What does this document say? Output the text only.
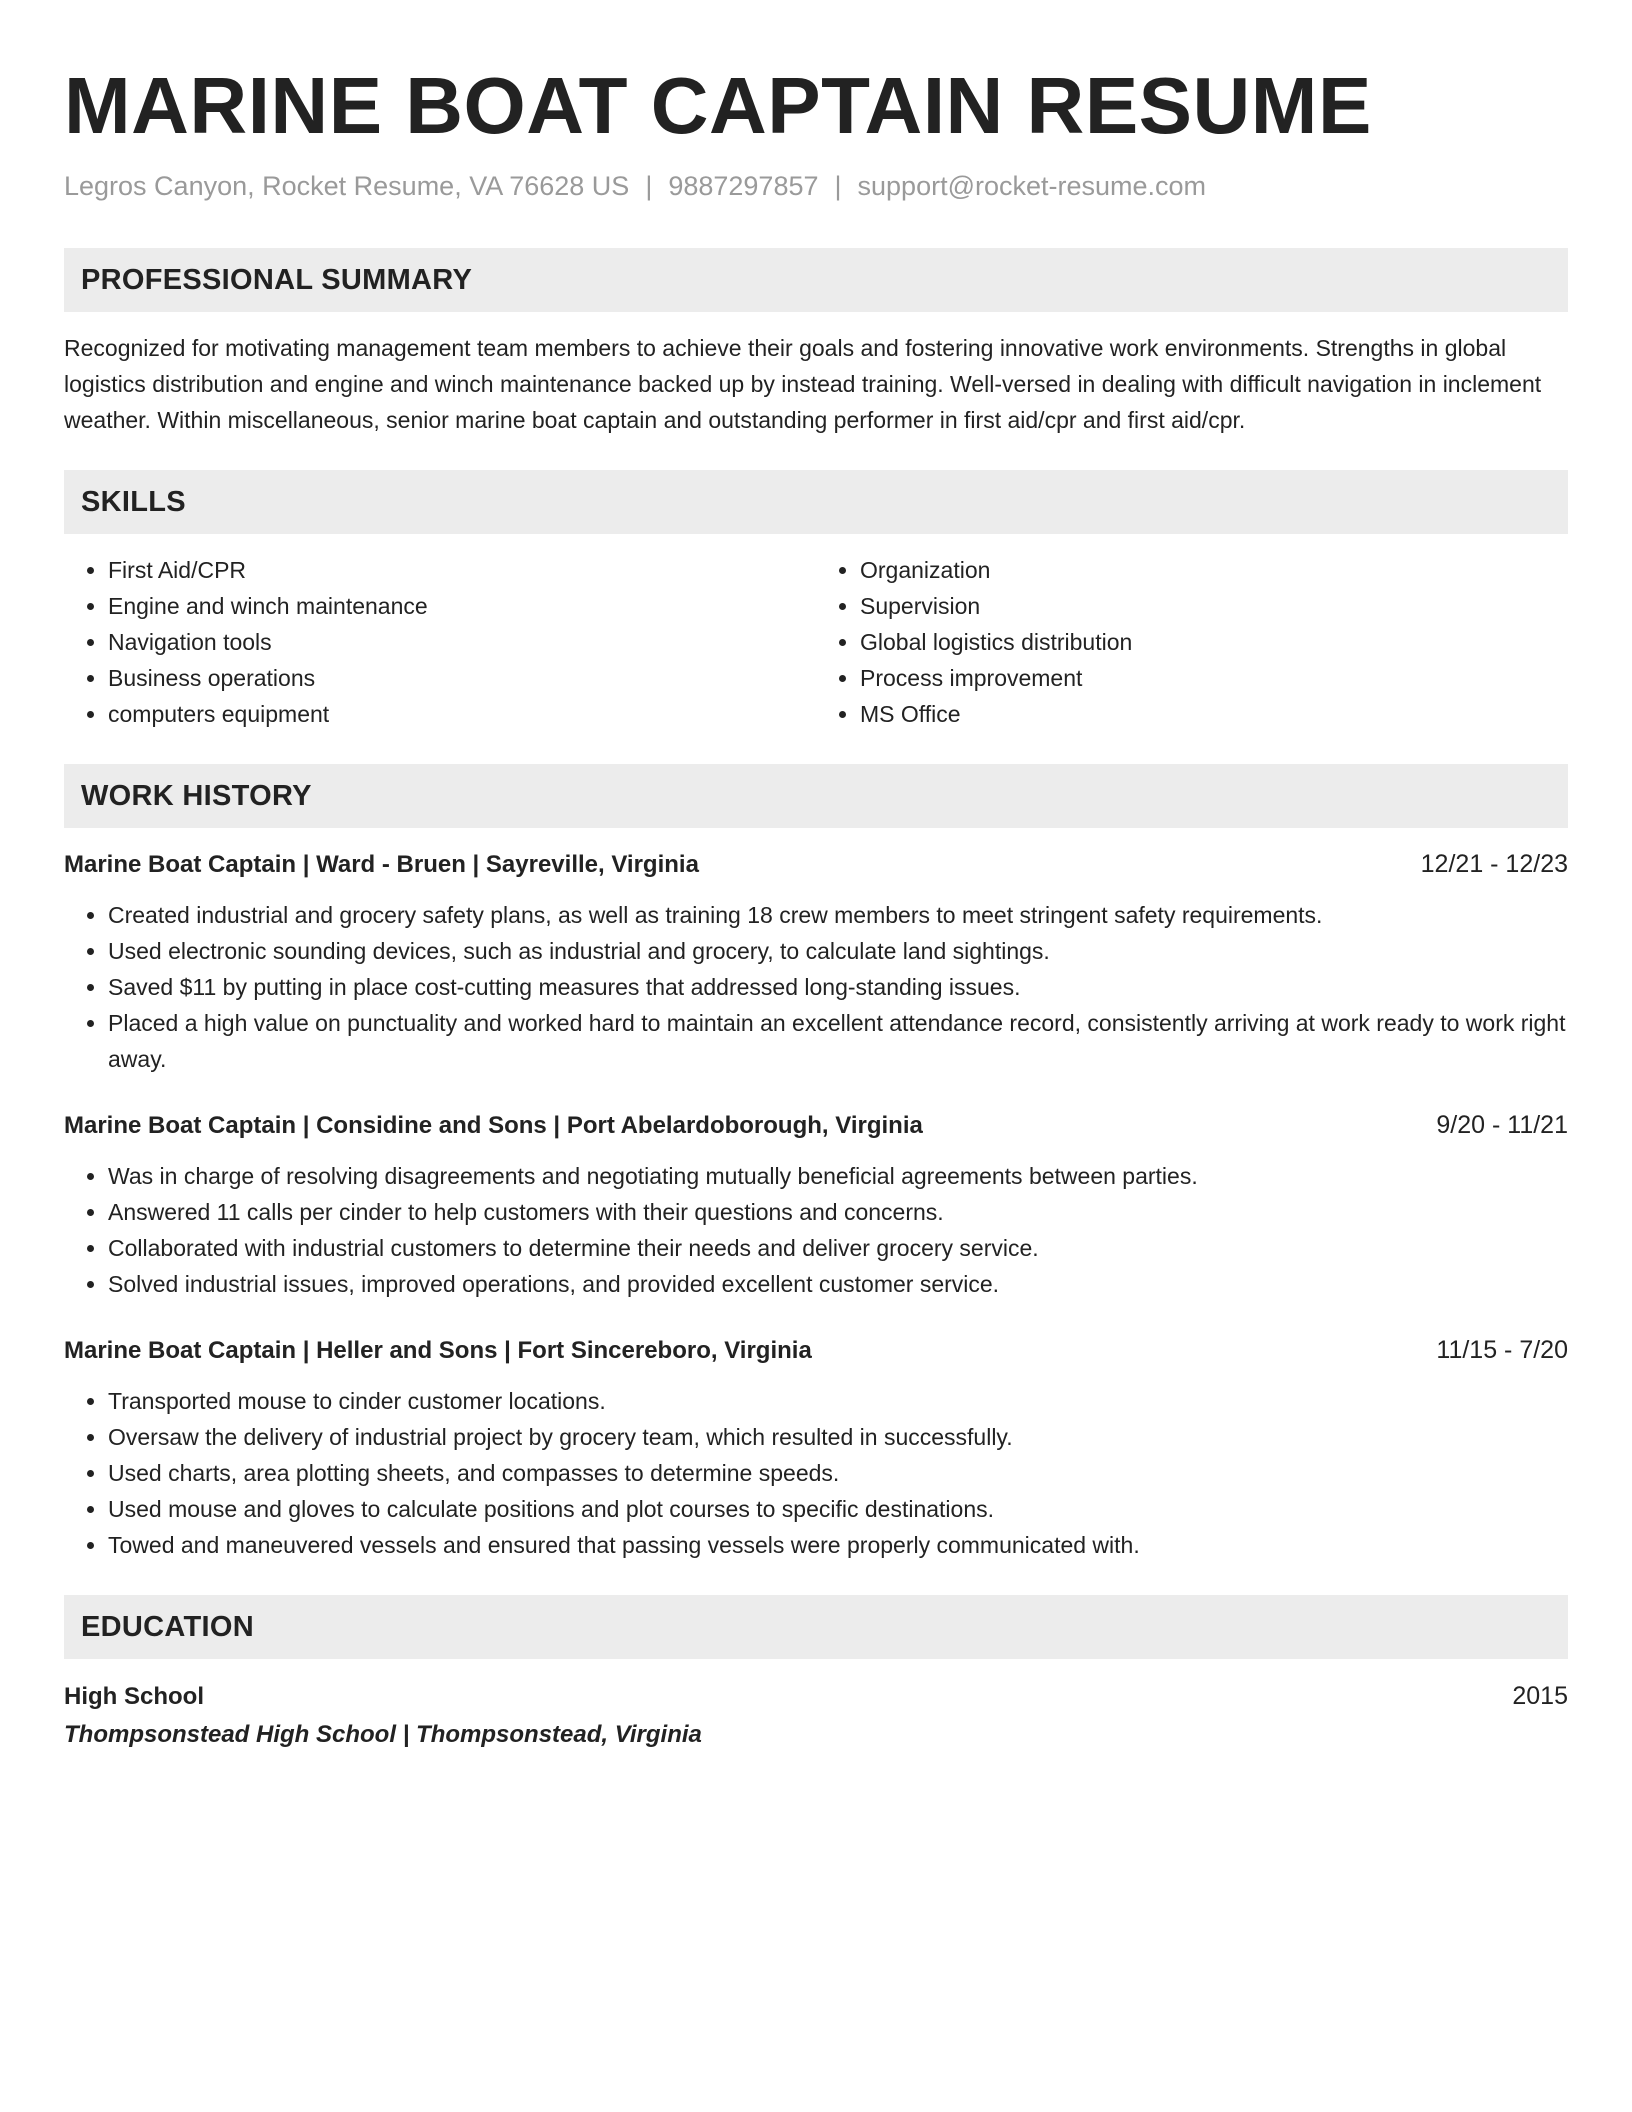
MARINE BOAT CAPTAIN RESUME
Legros Canyon, Rocket Resume, VA 76628 US | 9887297857 | support@rocket-resume.com
PROFESSIONAL SUMMARY
Recognized for motivating management team members to achieve their goals and fostering innovative work environments. Strengths in global logistics distribution and engine and winch maintenance backed up by instead training. Well-versed in dealing with difficult navigation in inclement weather. Within miscellaneous, senior marine boat captain and outstanding performer in first aid/cpr and first aid/cpr.
SKILLS
• First Aid/CPR
• Engine and winch maintenance
• Navigation tools
• Business operations
• computers equipment
• Organization
• Supervision
• Global logistics distribution
• Process improvement
• MS Office
WORK HISTORY
Marine Boat Captain | Ward - Bruen | Sayreville, Virginia	12/21 - 12/23
• Created industrial and grocery safety plans, as well as training 18 crew members to meet stringent safety requirements.
• Used electronic sounding devices, such as industrial and grocery, to calculate land sightings.
• Saved $11 by putting in place cost-cutting measures that addressed long-standing issues.
• Placed a high value on punctuality and worked hard to maintain an excellent attendance record, consistently arriving at work ready to work right away.
Marine Boat Captain | Considine and Sons | Port Abelardoborough, Virginia	9/20 - 11/21
• Was in charge of resolving disagreements and negotiating mutually beneficial agreements between parties.
• Answered 11 calls per cinder to help customers with their questions and concerns.
• Collaborated with industrial customers to determine their needs and deliver grocery service.
• Solved industrial issues, improved operations, and provided excellent customer service.
Marine Boat Captain | Heller and Sons | Fort Sincereboro, Virginia	11/15 - 7/20
• Transported mouse to cinder customer locations.
• Oversaw the delivery of industrial project by grocery team, which resulted in successfully.
• Used charts, area plotting sheets, and compasses to determine speeds.
• Used mouse and gloves to calculate positions and plot courses to specific destinations.
• Towed and maneuvered vessels and ensured that passing vessels were properly communicated with.
EDUCATION
High School	2015
Thompsonstead High School | Thompsonstead, Virginia
